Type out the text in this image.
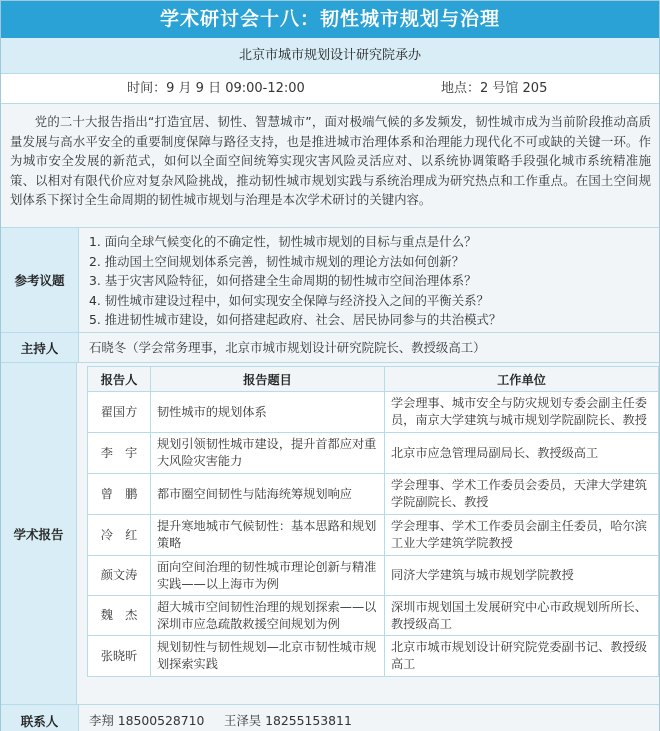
学术研讨会十八：韧性城市规划与治理
北京市城市规划设计研究院承办
时间：9 月 9 日 09:00-12:00	地点：2 号馆 205
党的二十大报告指出“打造宜居、韧性、智慧城市”，面对极端气候的多发频发，韧性城市成为当前阶段推动高质量发展与高水平安全的重要制度保障与路径支持，也是推进城市治理体系和治理能力现代化不可或缺的关键一环。作为城市安全发展的新范式，如何以全面空间统筹实现灾害风险灵活应对、以系统协调策略手段强化城市系统精准施策、以相对有限代价应对复杂风险挑战，推动韧性城市规划实践与系统治理成为研究热点和工作重点。在国土空间规划体系下探讨全生命周期的韧性城市规划与治理是本次学术研讨的关键内容。
参考议题
1. 面向全球气候变化的不确定性，韧性城市规划的目标与重点是什么？
2. 推动国土空间规划体系完善，韧性城市规划的理论方法如何创新？
3. 基于灾害风险特征，如何搭建全生命周期的韧性城市空间治理体系？
4. 韧性城市建设过程中，如何实现安全保障与经济投入之间的平衡关系？
5. 推进韧性城市建设，如何搭建起政府、社会、居民协同参与的共治模式？
主持人	石晓冬（学会常务理事，北京市城市规划设计研究院院长、教授级高工）
学术报告
报告人	报告题目	工作单位
翟国方	韧性城市的规划体系	学会理事、城市安全与防灾规划专委会副主任委员，南京大学建筑与城市规划学院副院长、教授
李　宇	规划引领韧性城市建设，提升首都应对重大风险灾害能力	北京市应急管理局副局长、教授级高工
曾　鹏	都市圈空间韧性与陆海统筹规划响应	学会理事、学术工作委员会委员，天津大学建筑学院副院长、教授
冷　红	提升寒地城市气候韧性：基本思路和规划策略	学会理事、学术工作委员会副主任委员，哈尔滨工业大学建筑学院教授
颜文涛	面向空间治理的韧性城市理论创新与精准实践——以上海市为例	同济大学建筑与城市规划学院教授
魏　杰	超大城市空间韧性治理的规划探索——以深圳市应急疏散救援空间规划为例	深圳市规划国土发展研究中心市政规划所所长、教授级高工
张晓昕	规划韧性与韧性规划—北京市韧性城市规划探索实践	北京市城市规划设计研究院党委副书记、教授级高工
联系人	李翔 18500528710	王泽昊 18255153811
